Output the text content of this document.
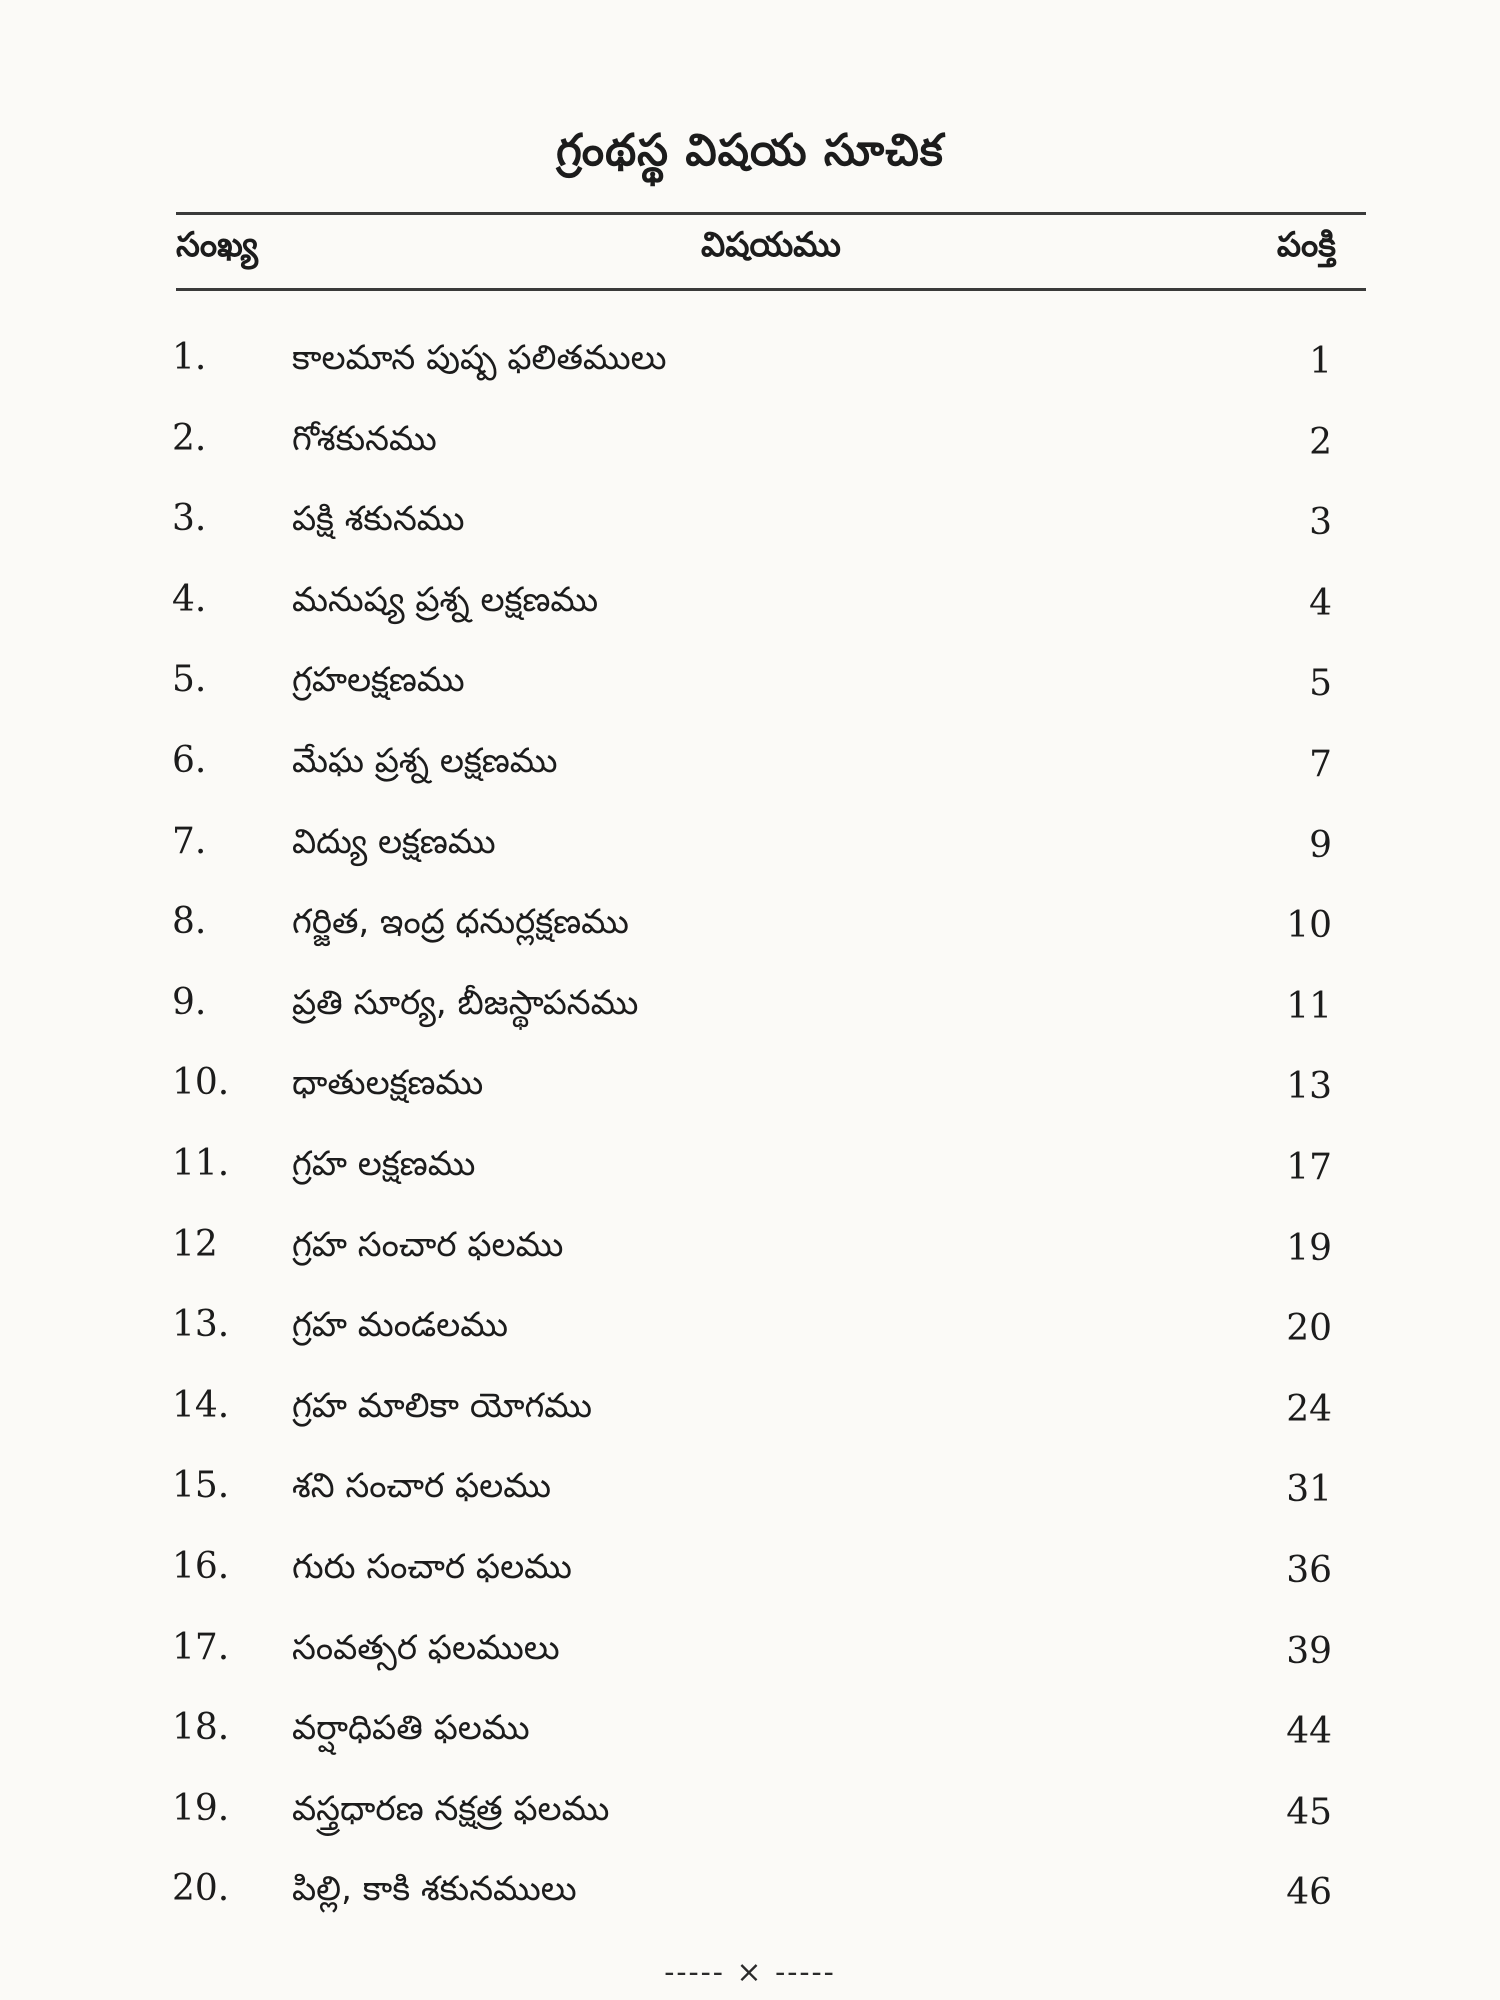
గ్రంథస్థ విషయ సూచిక
సంఖ్య	విషయము	పంక్తి
1.	కాలమాన పుష్ప ఫలితములు	1
2.	గోశకునము	2
3.	పక్షి శకునము	3
4.	మనుష్య ప్రశ్న లక్షణము	4
5.	గ్రహలక్షణము	5
6.	మేఘ ప్రశ్న లక్షణము	7
7.	విద్యు లక్షణము	9
8.	గర్జిత, ఇంద్ర ధనుర్లక్షణము	10
9.	ప్రతి సూర్య, బీజస్థాపనము	11
10. ధాతులక్షణము	13
11. గ్రహ లక్షణము	17
12 గ్రహ సంచార ఫలము	19
13. గ్రహ మండలము	20
14. గ్రహ మాలికా యోగము	24
15. శని సంచార ఫలము	31
16. గురు సంచార ఫలము	36
17. సంవత్సర ఫలములు	39
18. వర్షాధిపతి ఫలము	44
19. వస్త్రధారణ నక్షత్ర ఫలము	45
20. పిల్లి, కాకి శకునములు	46
----- × -----
